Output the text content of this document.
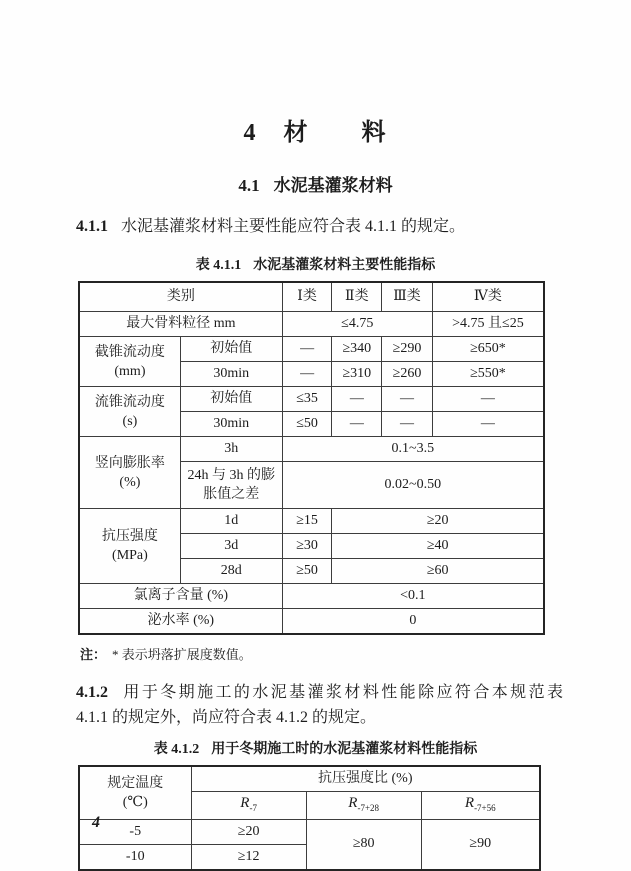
4 材　　料
4.1 水泥基灌浆材料
4.1.1 水泥基灌浆材料主要性能应符合表 4.1.1 的规定。
表 4.1.1 水泥基灌浆材料主要性能指标
类别		Ⅰ类	Ⅱ类	Ⅲ类	Ⅳ类
最大骨料粒径 mm		≤4.75			>4.75 且≤25

截锥流动度
(mm)	初始值	—	≥340	≥290	≥650*
	30min	—	≥310	≥260	≥550*

流锥流动度
(s)	初始值	≤35	—	—	—
	30min	≤50	—	—	—

竖向膨胀率
(%)	3h	0.1~3.5			
	24h 与 3h 的膨胀值之差	0.02~0.50			

抗压强度
(MPa)	1d	≥15	≥20		
	3d	≥30	≥40		
	28d	≥50	≥60		
氯离子含量 (%)		<0.1			
泌水率 (%)		0			
注： * 表示坍落扩展度数值。
4.1.2 用于冬期施工的水泥基灌浆材料性能除应符合本规范表
4.1.1 的规定外，尚应符合表 4.1.2 的规定。
表 4.1.2 用于冬期施工时的水泥基灌浆材料性能指标
规定温度
(℃)	抗压强度比 (%)		
	$R_{-7}$	$R_{-7+28}$	$R_{-7+56}$
-5	≥20	≥80	≥90
-10	≥12		
4
